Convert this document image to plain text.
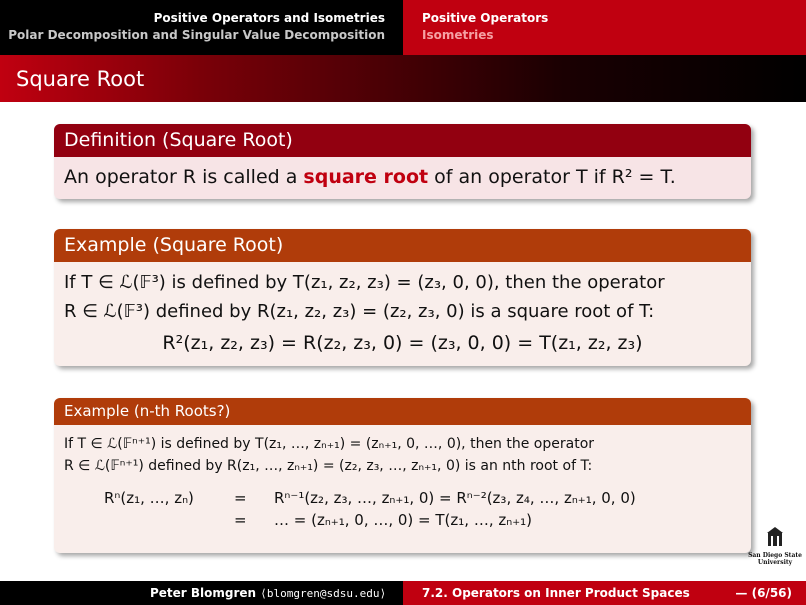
Positive Operators and Isometries
Polar Decomposition and Singular Value Decomposition
Positive Operators
Isometries
Square Root
Definition (Square Root)
An operator R is called a square root of an operator T if R² = T.
Example (Square Root)
If T ∈ ℒ(𝔽³) is defined by T(z₁, z₂, z₃) = (z₃, 0, 0), then the operator
R ∈ ℒ(𝔽³) defined by R(z₁, z₂, z₃) = (z₂, z₃, 0) is a square root of T:
R²(z₁, z₂, z₃) = R(z₂, z₃, 0) = (z₃, 0, 0) = T(z₁, z₂, z₃)
Example (n-th Roots?)
If T ∈ ℒ(𝔽ⁿ⁺¹) is defined by T(z₁, …, zₙ₊₁) = (zₙ₊₁, 0, …, 0), then the operator
R ∈ ℒ(𝔽ⁿ⁺¹) defined by R(z₁, …, zₙ₊₁) = (z₂, z₃, …, zₙ₊₁, 0) is an nth root of T:
Rⁿ(z₁, …, zₙ)	= Rⁿ⁻¹(z₂, z₃, …, zₙ₊₁, 0) = Rⁿ⁻²(z₃, z₄, …, zₙ₊₁, 0, 0)
= … = (zₙ₊₁, 0, …, 0) = T(z₁, …, zₙ₊₁)
San Diego State
University
Peter Blomgren ⟨blomgren@sdsu.edu⟩	7.2. Operators on Inner Product Spaces	— (6/56)
